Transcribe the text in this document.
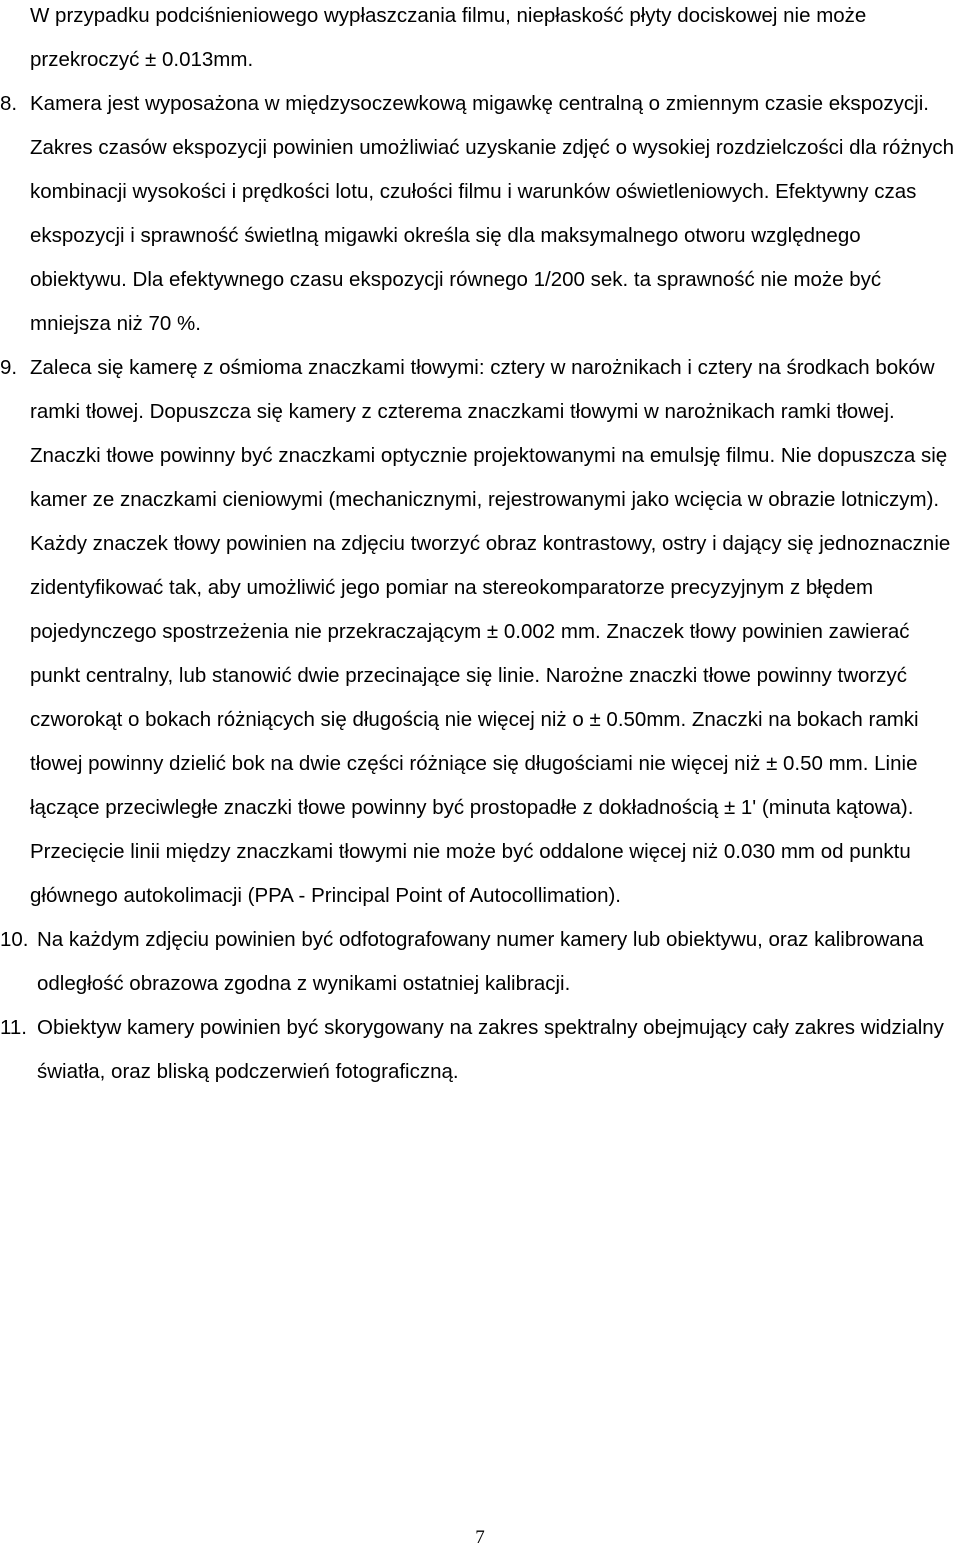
W przypadku podciśnieniowego wypłaszczania filmu, niepłaskość płyty dociskowej nie może przekroczyć ± 0.013mm.

8. Kamera jest wyposażona w międzysoczewkową migawkę centralną o zmiennym czasie ekspozycji. Zakres czasów ekspozycji powinien umożliwiać uzyskanie zdjęć o wysokiej rozdzielczości dla różnych kombinacji wysokości i prędkości lotu, czułości filmu i warunków oświetleniowych. Efektywny czas ekspozycji i sprawność świetlną migawki określa się dla maksymalnego otworu względnego obiektywu. Dla efektywnego czasu ekspozycji równego 1/200 sek. ta sprawność nie może być mniejsza niż 70 %.
9. Zaleca się kamerę z ośmioma znaczkami tłowymi: cztery w narożnikach i cztery na środkach boków ramki tłowej. Dopuszcza się kamery z czterema znaczkami tłowymi w narożnikach ramki tłowej. Znaczki tłowe powinny być znaczkami optycznie projektowanymi na emulsję filmu. Nie dopuszcza się kamer ze znaczkami cieniowymi (mechanicznymi, rejestrowanymi jako wcięcia w obrazie lotniczym). Każdy znaczek tłowy powinien na zdjęciu tworzyć obraz kontrastowy, ostry i dający się jednoznacznie zidentyfikować tak, aby umożliwić jego pomiar na stereokomparatorze precyzyjnym z błędem pojedynczego spostrzeżenia nie przekraczającym ± 0.002 mm. Znaczek tłowy powinien zawierać punkt centralny, lub stanowić dwie przecinające się linie. Narożne znaczki tłowe powinny tworzyć czworokąt o bokach różniących się długością nie więcej niż o ± 0.50mm. Znaczki na bokach ramki tłowej powinny dzielić bok na dwie części różniące się długościami nie więcej niż ± 0.50 mm. Linie łączące przeciwległe znaczki tłowe powinny być prostopadłe z dokładnością ± 1' (minuta kątowa). Przecięcie linii między znaczkami tłowymi nie może być oddalone więcej niż 0.030 mm od punktu głównego autokolimacji (PPA - Principal Point of Autocollimation).
10. Na każdym zdjęciu powinien być odfotografowany numer kamery lub obiektywu, oraz kalibrowana odległość obrazowa zgodna z wynikami ostatniej kalibracji.
11. Obiektyw kamery powinien być skorygowany na zakres spektralny obejmujący cały zakres widzialny światła, oraz bliską podczerwień fotograficzną.
7
